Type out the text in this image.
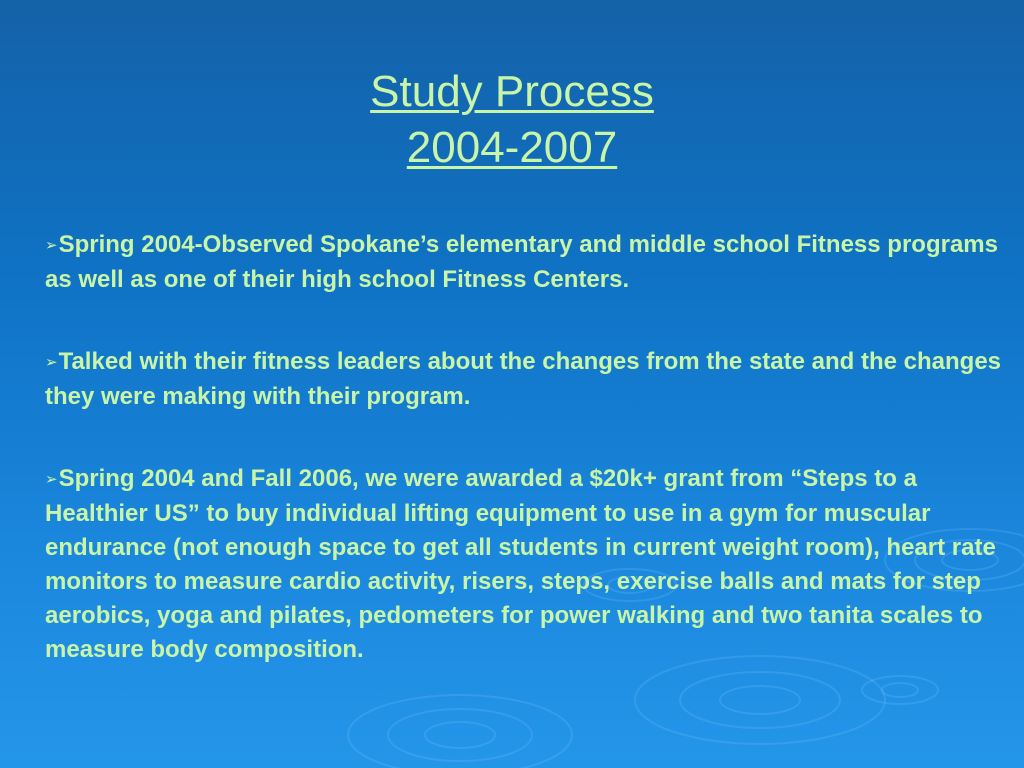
Study Process
2004-2007
➢Spring 2004-Observed Spokane’s elementary and middle school Fitness programs as well as one of their high school Fitness Centers.
➢Talked with their fitness leaders about the changes from the state and the changes they were making with their program.
➢Spring 2004 and Fall 2006, we were awarded a $20k+ grant from “Steps to a Healthier US” to buy individual lifting equipment to use in a gym for muscular endurance (not enough space to get all students in current weight room), heart rate monitors to measure cardio activity, risers, steps, exercise balls and mats for step aerobics, yoga and pilates, pedometers for power walking and two tanita scales to measure body composition.
